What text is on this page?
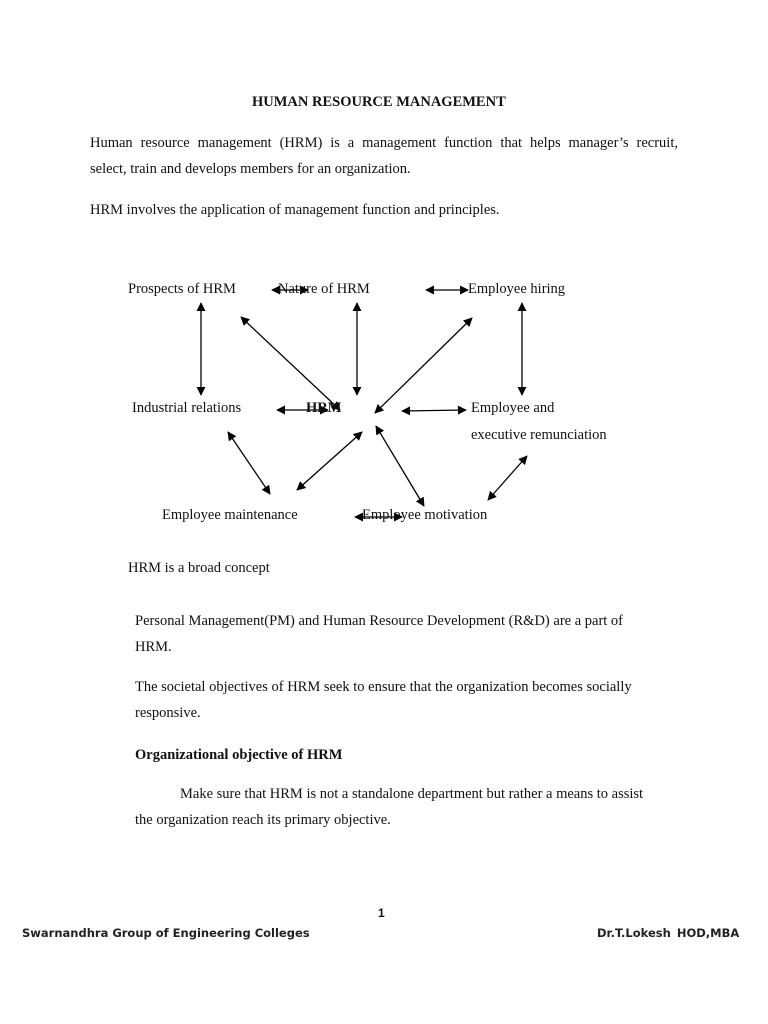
HUMAN RESOURCE MANAGEMENT
Human resource management (HRM) is a management function that helps manager’s recruit,
select, train and develops members for an organization.
HRM involves the application of management function and principles.
Prospects of HRM	Nature of HRM	Employee hiring
Industrial relations	HRM	Employee and
executive remunciation
Employee maintenance	Employee motivation
HRM is a broad concept
Personal Management(PM) and Human Resource Development (R&D) are a part of
HRM.
The societal objectives of HRM seek to ensure that the organization becomes socially
responsive.
Organizational objective of HRM
Make sure that HRM is not a standalone department but rather a means to assist
the organization reach its primary objective.
1
Swarnandhra Group of Engineering Colleges	Dr.T.Lokesh HOD,MBA
